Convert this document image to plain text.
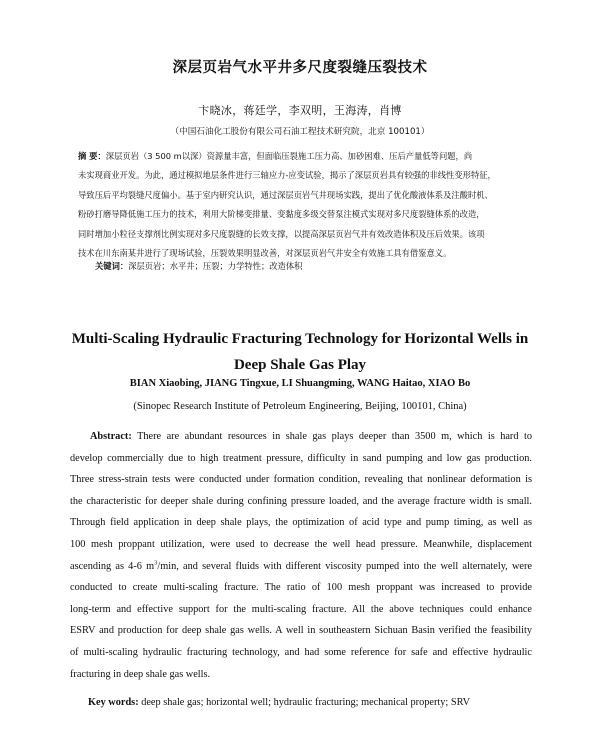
深层页岩气水平井多尺度裂缝压裂技术
卞晓冰，蒋廷学，李双明，王海涛，肖博
（中国石油化工股份有限公司石油工程技术研究院，北京 100101）
摘 要：深层页岩（3 500 m以深）资源量丰富，但面临压裂施工压力高、加砂困难、压后产量低等问题，尚
未实现商业开发。为此，通过模拟地层条件进行三轴应力-应变试验，揭示了深层页岩具有较强的非线性变形特征，
导致压后平均裂缝尺度偏小。基于室内研究认识，通过深层页岩气井现场实践，提出了优化酸液体系及注酸时机、
粉砂打磨导降低施工压力的技术，利用大阶梯变排量、变黏度多级交替泵注模式实现对多尺度裂缝体系的改造，
同时增加小粒径支撑剂比例实现对多尺度裂缝的长效支撑，以提高深层页岩气井有效改造体积及压后效果。该项
技术在川东南某井进行了现场试验，压裂效果明显改善，对深层页岩气井安全有效施工具有借鉴意义。
关键词：深层页岩；水平井；压裂；力学特性；改造体积
Multi-Scaling Hydraulic Fracturing Technology for Horizontal Wells in
Deep Shale Gas Play
BIAN Xiaobing, JIANG Tingxue, LI Shuangming, WANG Haitao, XIAO Bo
(Sinopec Research Institute of Petroleum Engineering, Beijing, 100101, China)
Abstract: There are abundant resources in shale gas plays deeper than 3500 m, which is hard to
develop commercially due to high treatment pressure, difficulty in sand pumping and low gas production.
Three stress-strain tests were conducted under formation condition, revealing that nonlinear deformation is
the characteristic for deeper shale during confining pressure loaded, and the average fracture width is small.
Through field application in deep shale plays, the optimization of acid type and pump timing, as well as
100 mesh proppant utilization, were used to decrease the well head pressure. Meanwhile, displacement
ascending as 4-6 $m^3/\min$, and several fluids with different viscosity pumped into the well alternately, were
conducted to create multi-scaling fracture. The ratio of 100 mesh proppant was increased to provide
long-term and effective support for the multi-scaling fracture. All the above techniques could enhance
ESRV and production for deep shale gas wells. A well in southeastern Sichuan Basin verified the feasibility
of multi-scaling hydraulic fracturing technology, and had some reference for safe and effective hydraulic
fracturing in deep shale gas wells.
Key words: deep shale gas; horizontal well; hydraulic fracturing; mechanical property; SRV
